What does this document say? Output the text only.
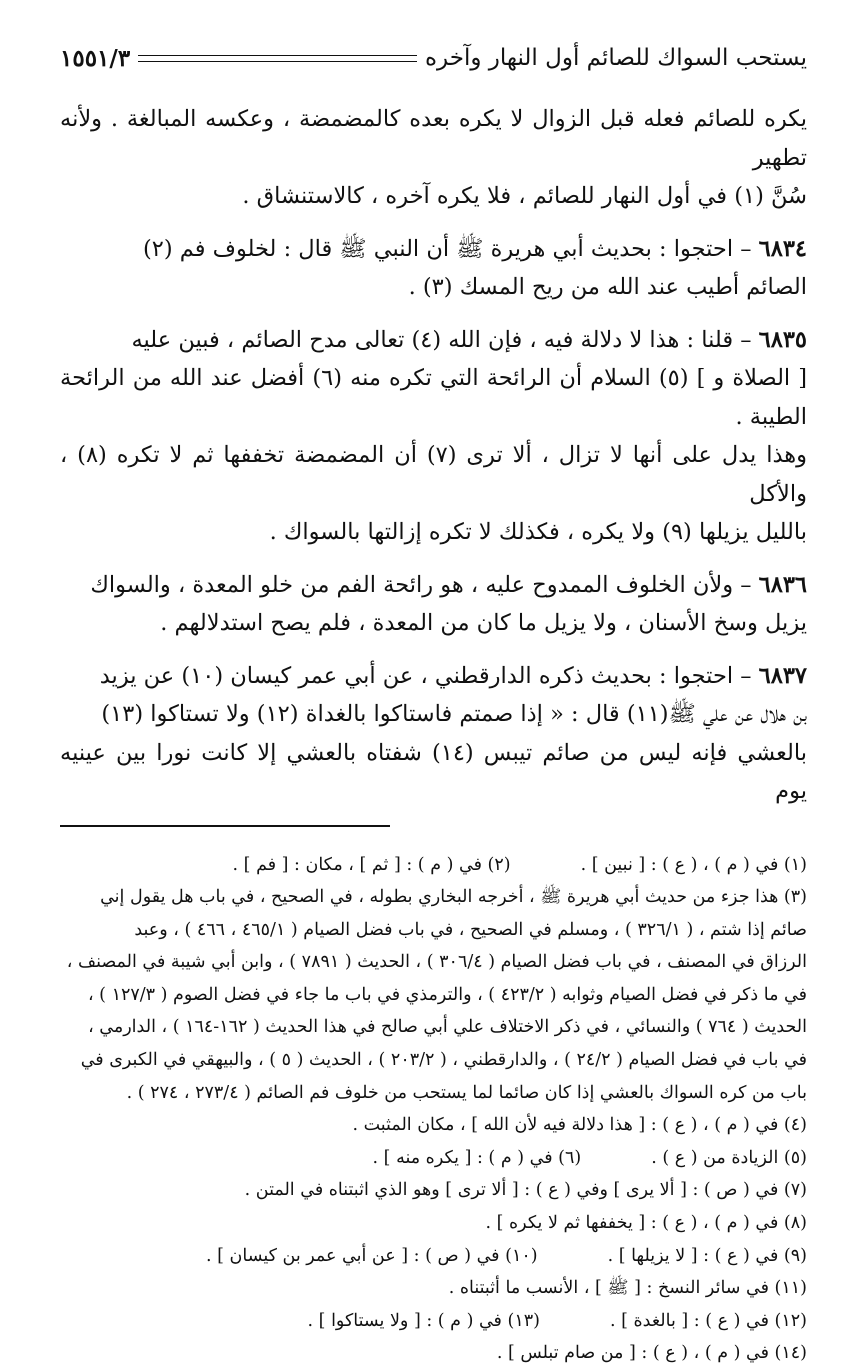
يستحب السواك للصائم أول النهار وآخره
١٥٥١/٣

يكره للصائم فعله قبل الزوال لا يكره بعده كالمضمضة ، وعكسه المبالغة . ولأنه تطهير

سُنَّ (١) في أول النهار للصائم ، فلا يكره آخره ، كالاستنشاق .

٦٨٣٤ – احتجوا : بحديث أبي هريرة ﷺ أن النبي ﷺ قال : لخلوف فم (٢)

الصائم أطيب عند الله من ريح المسك (٣) .

٦٨٣٥ – قلنا : هذا لا دلالة فيه ، فإن الله (٤) تعالى مدح الصائم ، فبين عليه

[ الصلاة و ] (٥) السلام أن الرائحة التي تكره منه (٦) أفضل عند الله من الرائحة الطيبة .

وهذا يدل على أنها لا تزال ، ألا ترى (٧) أن المضمضة تخففها ثم لا تكره (٨) ، والأكل

بالليل يزيلها (٩) ولا يكره ، فكذلك لا تكره إزالتها بالسواك .

٦٨٣٦ – ولأن الخلوف الممدوح عليه ، هو رائحة الفم من خلو المعدة ، والسواك

يزيل وسخ الأسنان ، ولا يزيل ما كان من المعدة ، فلم يصح استدلالهم .

٦٨٣٧ – احتجوا : بحديث ذكره الدارقطني ، عن أبي عمر كيسان (١٠) عن يزيد

بن هلال عن علي ﷺ(١١) قال : « إذا صمتم فاستاكوا بالغداة (١٢) ولا تستاكوا (١٣)

بالعشي فإنه ليس من صائم تيبس (١٤) شفتاه بالعشي إلا كانت نورا بين عينيه يوم

(١) في ( م ) ، ( ع ) : [ نبين ] .(٢) في ( م ) : [ ثم ] ، مكان : [ فم ] .

(٣) هذا جزء من حديث أبي هريرة ﷺ ، أخرجه البخاري بطوله ، في الصحيح ، في باب هل يقول إني

صائم إذا شتم ، ( ٣٢٦/١ ) ، ومسلم في الصحيح ، في باب فضل الصيام ( ٤٦٥/١ ، ٤٦٦ ) ، وعبد

الرزاق في المصنف ، في باب فضل الصيام ( ٣٠٦/٤ ) ، الحديث ( ٧٨٩١ ) ، وابن أبي شيبة في المصنف ،

في ما ذكر في فضل الصيام وثوابه ( ٤٢٣/٢ ) ، والترمذي في باب ما جاء في فضل الصوم ( ١٢٧/٣ ) ،

الحديث ( ٧٦٤ ) والنسائي ، في ذكر الاختلاف علي أبي صالح في هذا الحديث ( ١٦٢-١٦٤ ) ، الدارمي ،

في باب في فضل الصيام ( ٢٤/٢ ) ، والدارقطني ، ( ٢٠٣/٢ ) ، الحديث ( ٥ ) ، والبيهقي في الكبرى في

باب من كره السواك بالعشي إذا كان صائما لما يستحب من خلوف فم الصائم ( ٢٧٣/٤ ، ٢٧٤ ) .

(٤) في ( م ) ، ( ع ) : [ هذا دلالة فيه لأن الله ] ، مكان المثبت .

(٥) الزيادة من ( ع ) .(٦) في ( م ) : [ يكره منه ] .

(٧) في ( ص ) : [ ألا يرى ] وفي ( ع ) : [ ألا ترى ] وهو الذي اثبتناه في المتن .

(٨) في ( م ) ، ( ع ) : [ يخففها ثم لا يكره ] .

(٩) في ( ع ) : [ لا يزيلها ] .(١٠) في ( ص ) : [ عن أبي عمر بن كيسان ] .

(١١) في سائر النسخ : [ ﷺ ] ، الأنسب ما أثبتناه .

(١٢) في ( ع ) : [ بالغدة ] .(١٣) في ( م ) : [ ولا يستاكوا ] .

(١٤) في ( م ) ، ( ع ) : [ من صام تبلس ] .
